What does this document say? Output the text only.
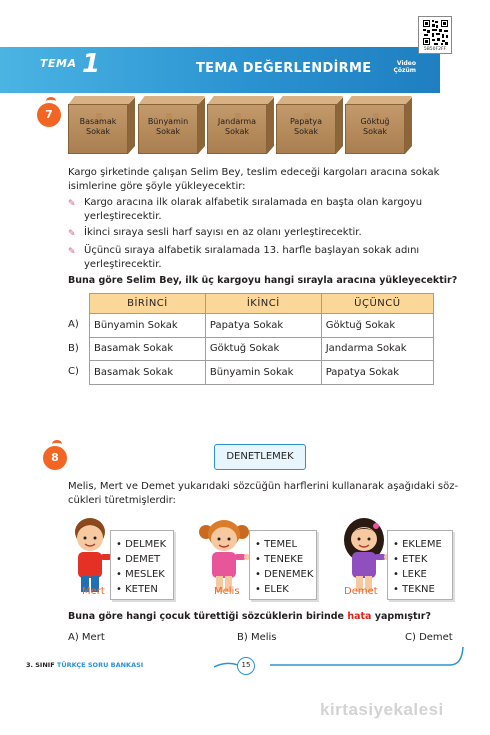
TEMA 1	TEMA DEĞERLENDİRME	Video
Çözüm
5B50F2FF
7
Basamak
Sokak
Bünyamin
Sokak
Jandarma
Sokak
Papatya
Sokak
Göktuğ
Sokak
Kargo şirketinde çalışan Selim Bey, teslim edeceği kargoları aracına sokak
isimlerine göre şöyle yükleyecektir:
✎ Kargo aracına ilk olarak alfabetik sıralamada en başta olan kargoyu
yerleştirecektir.
✎ İkinci sıraya sesli harf sayısı en az olanı yerleştirecektir.
✎ Üçüncü sıraya alfabetik sıralamada 13. harfle başlayan sokak adını
yerleştirecektir.
Buna göre Selim Bey, ilk üç kargoyu hangi sırayla aracına yükleyecektir?
BİRİNCİ	İKİNCİ	ÜÇÜNCÜ
Bünyamin Sokak	Papatya Sokak	Göktuğ Sokak
Basamak Sokak	Göktuğ Sokak	Jandarma Sokak
Basamak Sokak	Bünyamin Sokak	Papatya Sokak
A)
B)
C)
8	DENETLEMEK
Melis, Mert ve Demet yukarıdaki sözcüğün harflerini kullanarak aşağıdaki söz-
cükleri türetmişlerdir:
Mert
• DELMEK
• DEMET
• MESLEK
• KETEN	Melis
• TEMEL
• TENEKE
• DENEMEK
• ELEK	Demet
• EKLEME
• ETEK
• LEKE
• TEKNE
Buna göre hangi çocuk türettiği sözcüklerin birinde hata yapmıştır?
A) Mert	B) Melis	C) Demet
3. SINIF TÜRKÇE SORU BANKASI	15
kirtasiyekalesi
